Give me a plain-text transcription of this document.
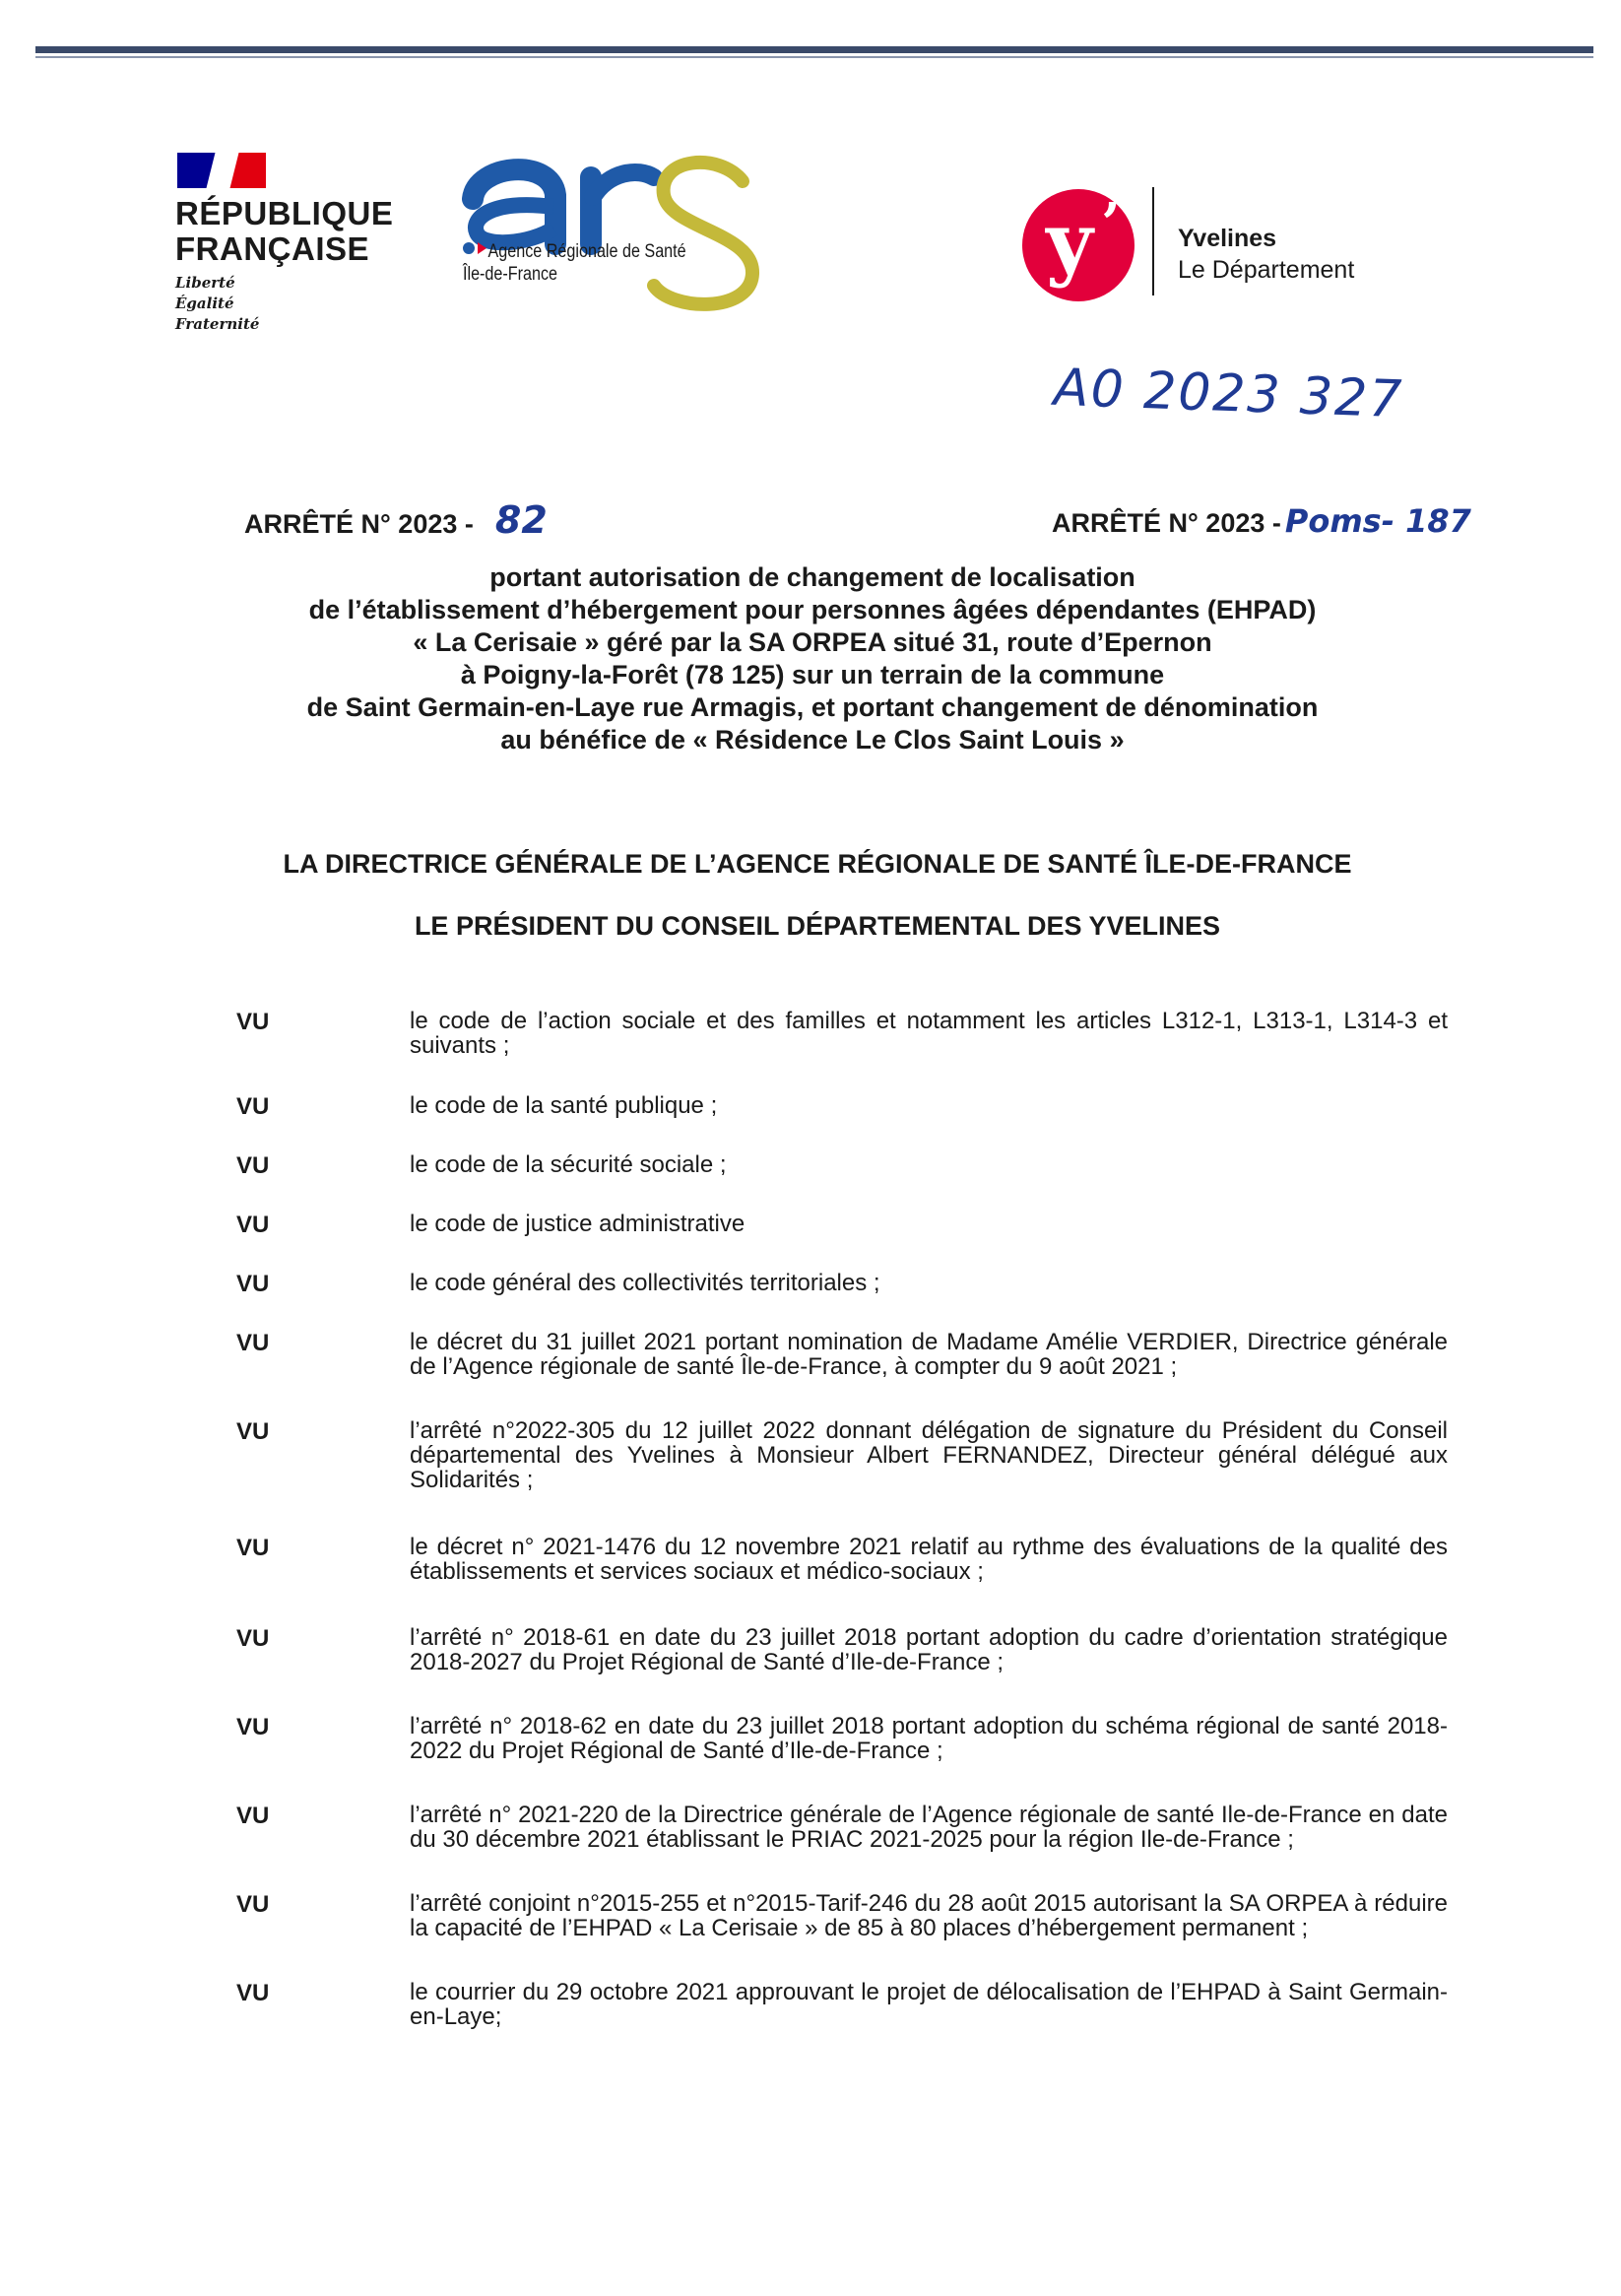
RÉPUBLIQUE
FRANÇAISE
Liberté
Égalité
Fraternité
Agence Régionale de Santé
Île-de-France	y ’ Yvelines
Le Département
A0 2023 327
ARRÊTÉ N° 2023 - 82	ARRÊTÉ N° 2023 - Poms- 187
portant autorisation de changement de localisation
de l’établissement d’hébergement pour personnes âgées dépendantes (EHPAD)
« La Cerisaie » géré par la SA ORPEA situé 31, route d’Epernon
à Poigny-la-Forêt (78 125) sur un terrain de la commune
de Saint Germain-en-Laye rue Armagis, et portant changement de dénomination
au bénéfice de « Résidence Le Clos Saint Louis »
LA DIRECTRICE GÉNÉRALE DE L’AGENCE RÉGIONALE DE SANTÉ ÎLE-DE-FRANCE
LE PRÉSIDENT DU CONSEIL DÉPARTEMENTAL DES YVELINES
VU	le code de l’action sociale et des familles et notamment les articles L312-1, L313-1, L314-3 et suivants ;
VU	le code de la santé publique ;
VU	le code de la sécurité sociale ;
VU	le code de justice administrative
VU	le code général des collectivités territoriales ;
VU	le décret du 31 juillet 2021 portant nomination de Madame Amélie VERDIER, Directrice générale de l’Agence régionale de santé Île-de-France, à compter du 9 août 2021 ;
VU	l’arrêté n°2022-305 du 12 juillet 2022 donnant délégation de signature du Président du Conseil départemental des Yvelines à Monsieur Albert FERNANDEZ, Directeur général délégué aux Solidarités ;
VU	le décret n° 2021-1476 du 12 novembre 2021 relatif au rythme des évaluations de la qualité des établissements et services sociaux et médico-sociaux ;
VU	l’arrêté n° 2018-61 en date du 23 juillet 2018 portant adoption du cadre d’orientation stratégique 2018-2027 du Projet Régional de Santé d’Ile-de-France ;
VU	l’arrêté n° 2018-62 en date du 23 juillet 2018 portant adoption du schéma régional de santé 2018-2022 du Projet Régional de Santé d’Ile-de-France ;
VU	l’arrêté n° 2021-220 de la Directrice générale de l’Agence régionale de santé Ile-de-France en date du 30 décembre 2021 établissant le PRIAC 2021-2025 pour la région Ile-de-France ;
VU	l’arrêté conjoint n°2015-255 et n°2015-Tarif-246 du 28 août 2015 autorisant la SA ORPEA à réduire la capacité de l’EHPAD « La Cerisaie » de 85 à 80 places d’hébergement permanent ;
VU	le courrier du 29 octobre 2021 approuvant le projet de délocalisation de l’EHPAD à Saint Germain-en-Laye;
